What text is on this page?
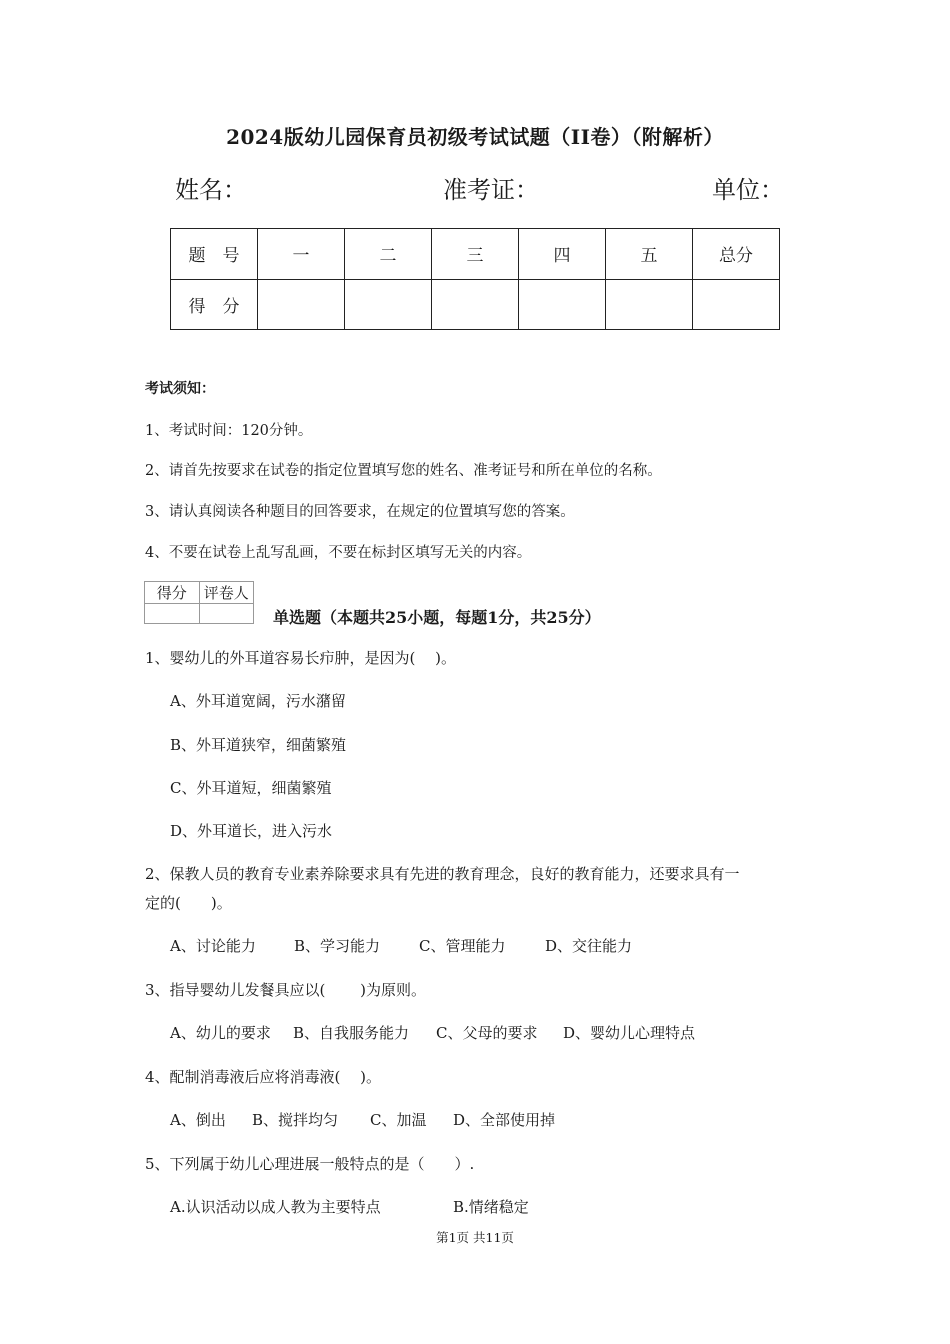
2024版幼儿园保育员初级考试试题（II卷）（附解析）
姓名：	准考证：	单位：
题　号	一	二	三	四	五	总分
得　分						
考试须知：
1、考试时间：120分钟。
2、请首先按要求在试卷的指定位置填写您的姓名、准考证号和所在单位的名称。
3、请认真阅读各种题目的回答要求，在规定的位置填写您的答案。
4、不要在试卷上乱写乱画，不要在标封区填写无关的内容。
得分	评卷人

单选题（本题共25小题，每题1分，共25分）
1、婴幼儿的外耳道容易长疖肿，是因为(　 )。
A、外耳道宽阔，污水潴留
B、外耳道狭窄，细菌繁殖
C、外耳道短，细菌繁殖
D、外耳道长，进入污水
2、保教人员的教育专业素养除要求具有先进的教育理念，良好的教育能力，还要求具有一
定的(　　)。
A、讨论能力	B、学习能力	C、管理能力	D、交往能力
3、指导婴幼儿发餐具应以(　 　)为原则。
A、幼儿的要求 B、自我服务能力 C、父母的要求 D、婴幼儿心理特点
4、配制消毒液后应将消毒液(　 )。
A、倒出 B、搅拌均匀 C、加温 D、全部使用掉
5、下列属于幼儿心理进展一般特点的是（　　）.
A.认识活动以成人教为主要特点	B.情绪稳定
第1页 共11页
